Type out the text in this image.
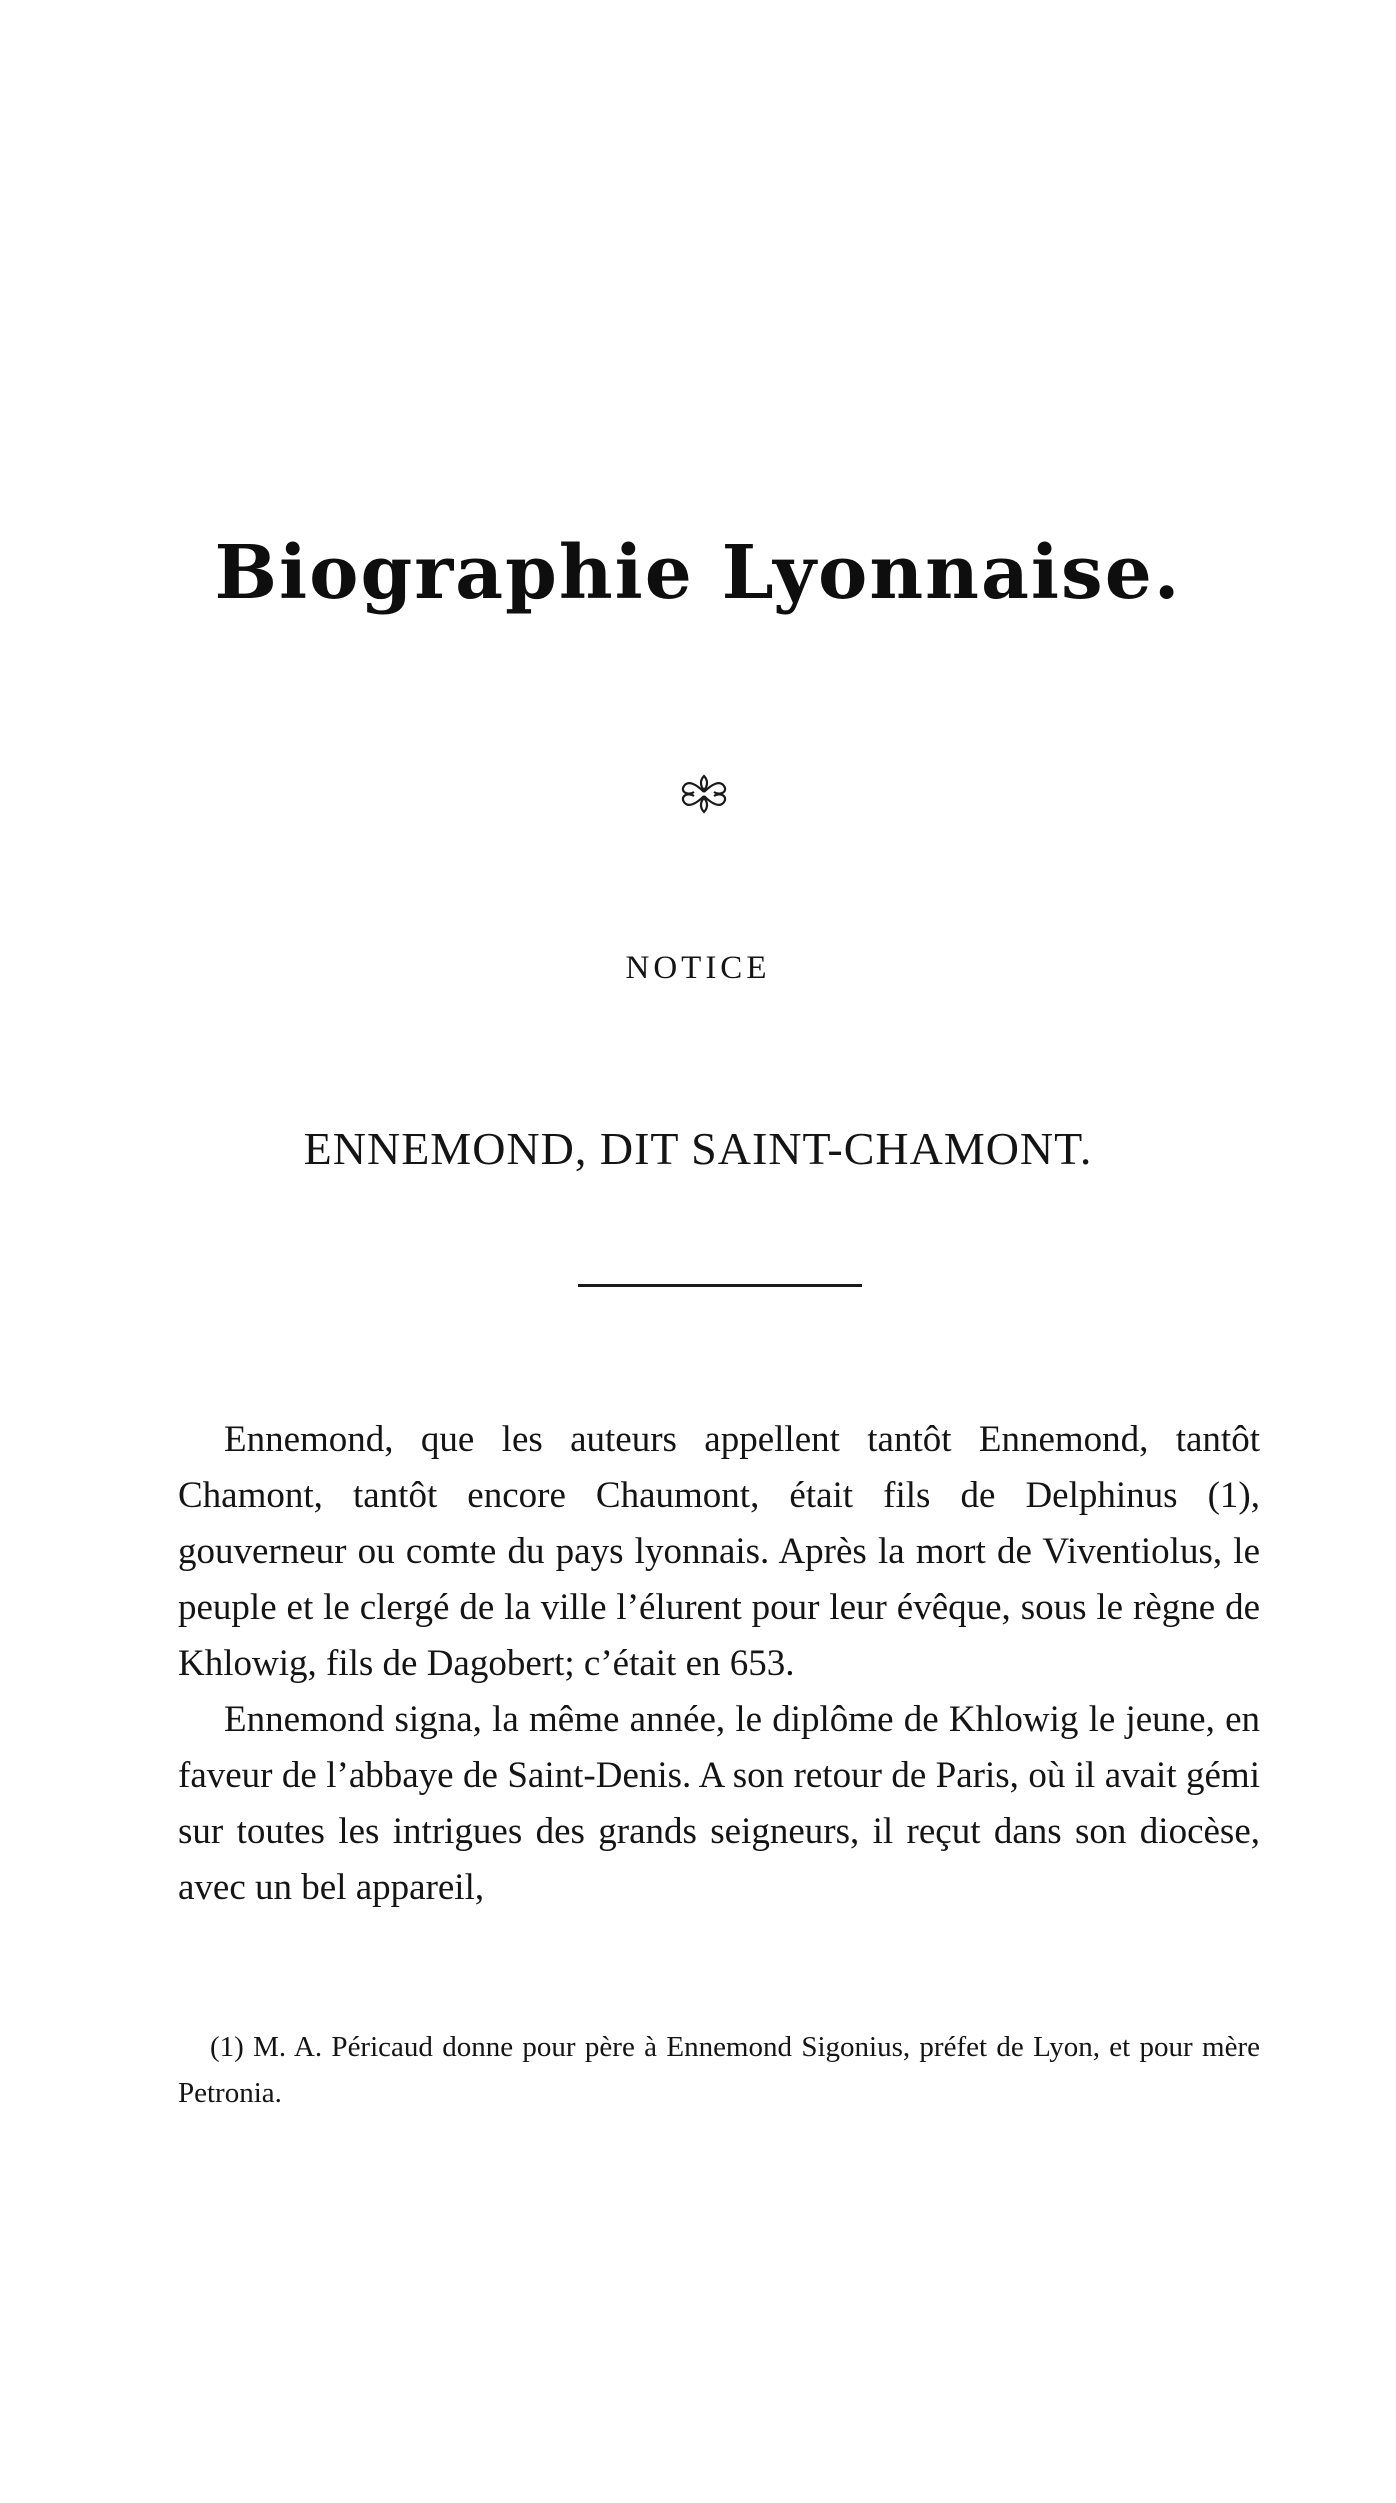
Biographie Lyonnaise.
NOTICE
ENNEMOND, DIT SAINT-CHAMONT.

Ennemond, que les auteurs appellent tantôt Ennemond, tantôt Chamont, tantôt encore Chaumont, était fils de Delphinus (1), gouverneur ou comte du pays lyonnais. Après la mort de Viventiolus, le peuple et le clergé de la ville l’élurent pour leur évêque, sous le règne de Khlowig, fils de Dagobert; c’était en 653.

Ennemond signa, la même année, le diplôme de Khlowig le jeune, en faveur de l’abbaye de Saint-Denis. A son retour de Paris, où il avait gémi sur toutes les intrigues des grands seigneurs, il reçut dans son diocèse, avec un bel appareil,

(1) M. A. Péricaud donne pour père à Ennemond Sigonius, préfet de Lyon, et pour mère Petronia.
